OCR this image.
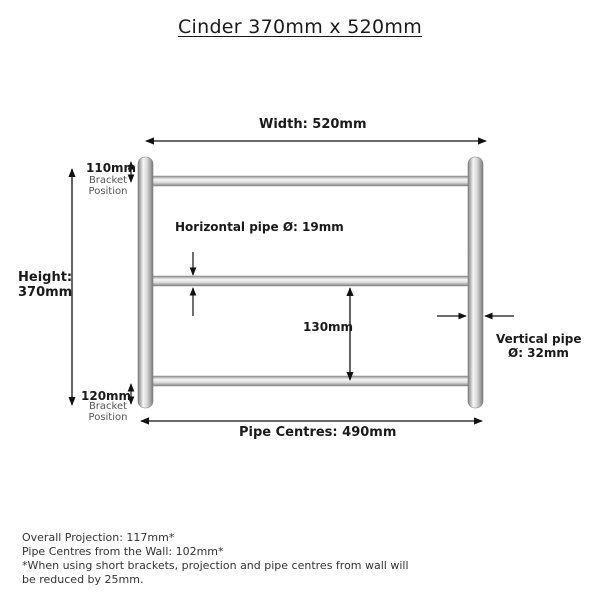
Cinder 370mm x 520mm
Width: 520mm
Height:
370mm
110mm
Bracket
Position
120mm
Bracket
Position
Horizontal pipe Ø: 19mm
130mm
Vertical pipe
Ø: 32mm
Pipe Centres: 490mm
Overall Projection: 117mm*
Pipe Centres from the Wall: 102mm*
*When using short brackets, projection and pipe centres from wall will
be reduced by 25mm.
